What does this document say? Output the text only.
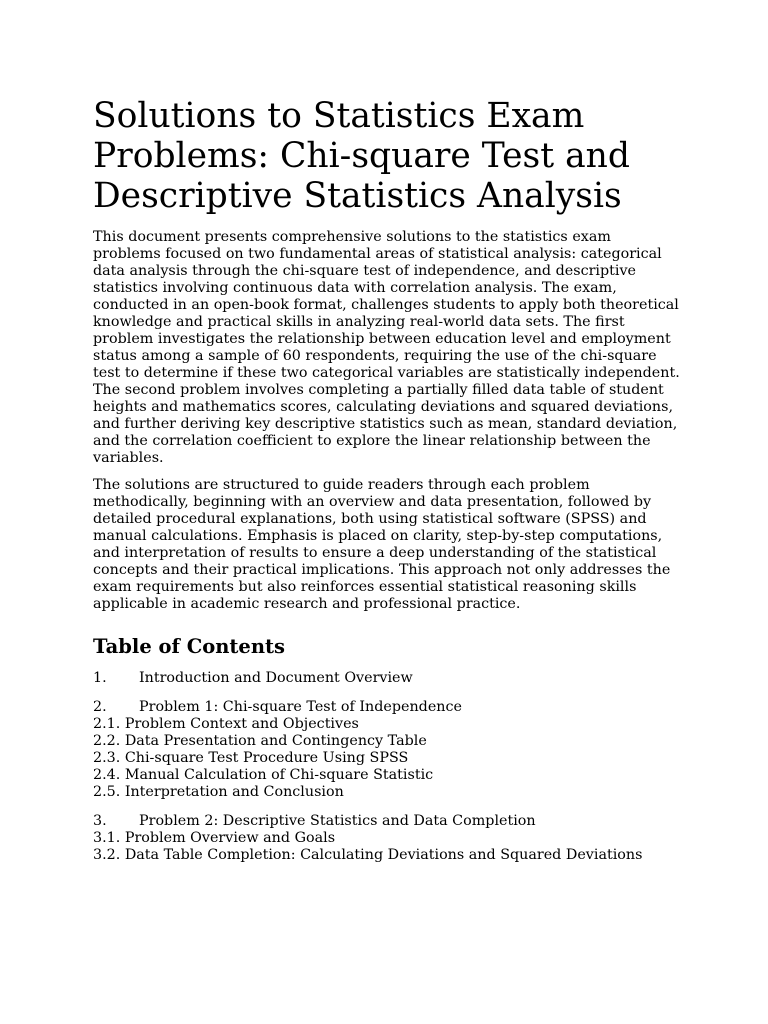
Solutions to Statistics Exam Problems: Chi-square Test and Descriptive Statistics Analysis

This document presents comprehensive solutions to the statistics exam problems focused on two fundamental areas of statistical analysis: categorical data analysis through the chi-square test of independence, and descriptive statistics involving continuous data with correlation analysis. The exam, conducted in an open-book format, challenges students to apply both theoretical knowledge and practical skills in analyzing real-world data sets. The first problem investigates the relationship between education level and employment status among a sample of 60 respondents, requiring the use of the chi-square test to determine if these two categorical variables are statistically independent. The second problem involves completing a partially filled data table of student heights and mathematics scores, calculating deviations and squared deviations, and further deriving key descriptive statistics such as mean, standard deviation, and the correlation coefficient to explore the linear relationship between the variables.

The solutions are structured to guide readers through each problem methodically, beginning with an overview and data presentation, followed by detailed procedural explanations, both using statistical software (SPSS) and manual calculations. Emphasis is placed on clarity, step-by-step computations, and interpretation of results to ensure a deep understanding of the statistical concepts and their practical implications. This approach not only addresses the exam requirements but also reinforces essential statistical reasoning skills applicable in academic research and professional practice.

Table of Contents
1.	Introduction and Document Overview
2.	Problem 1: Chi-square Test of Independence
2.1. Problem Context and Objectives
2.2. Data Presentation and Contingency Table
2.3. Chi-square Test Procedure Using SPSS
2.4. Manual Calculation of Chi-square Statistic
2.5. Interpretation and Conclusion
3.	Problem 2: Descriptive Statistics and Data Completion
3.1. Problem Overview and Goals
3.2. Data Table Completion: Calculating Deviations and Squared Deviations
